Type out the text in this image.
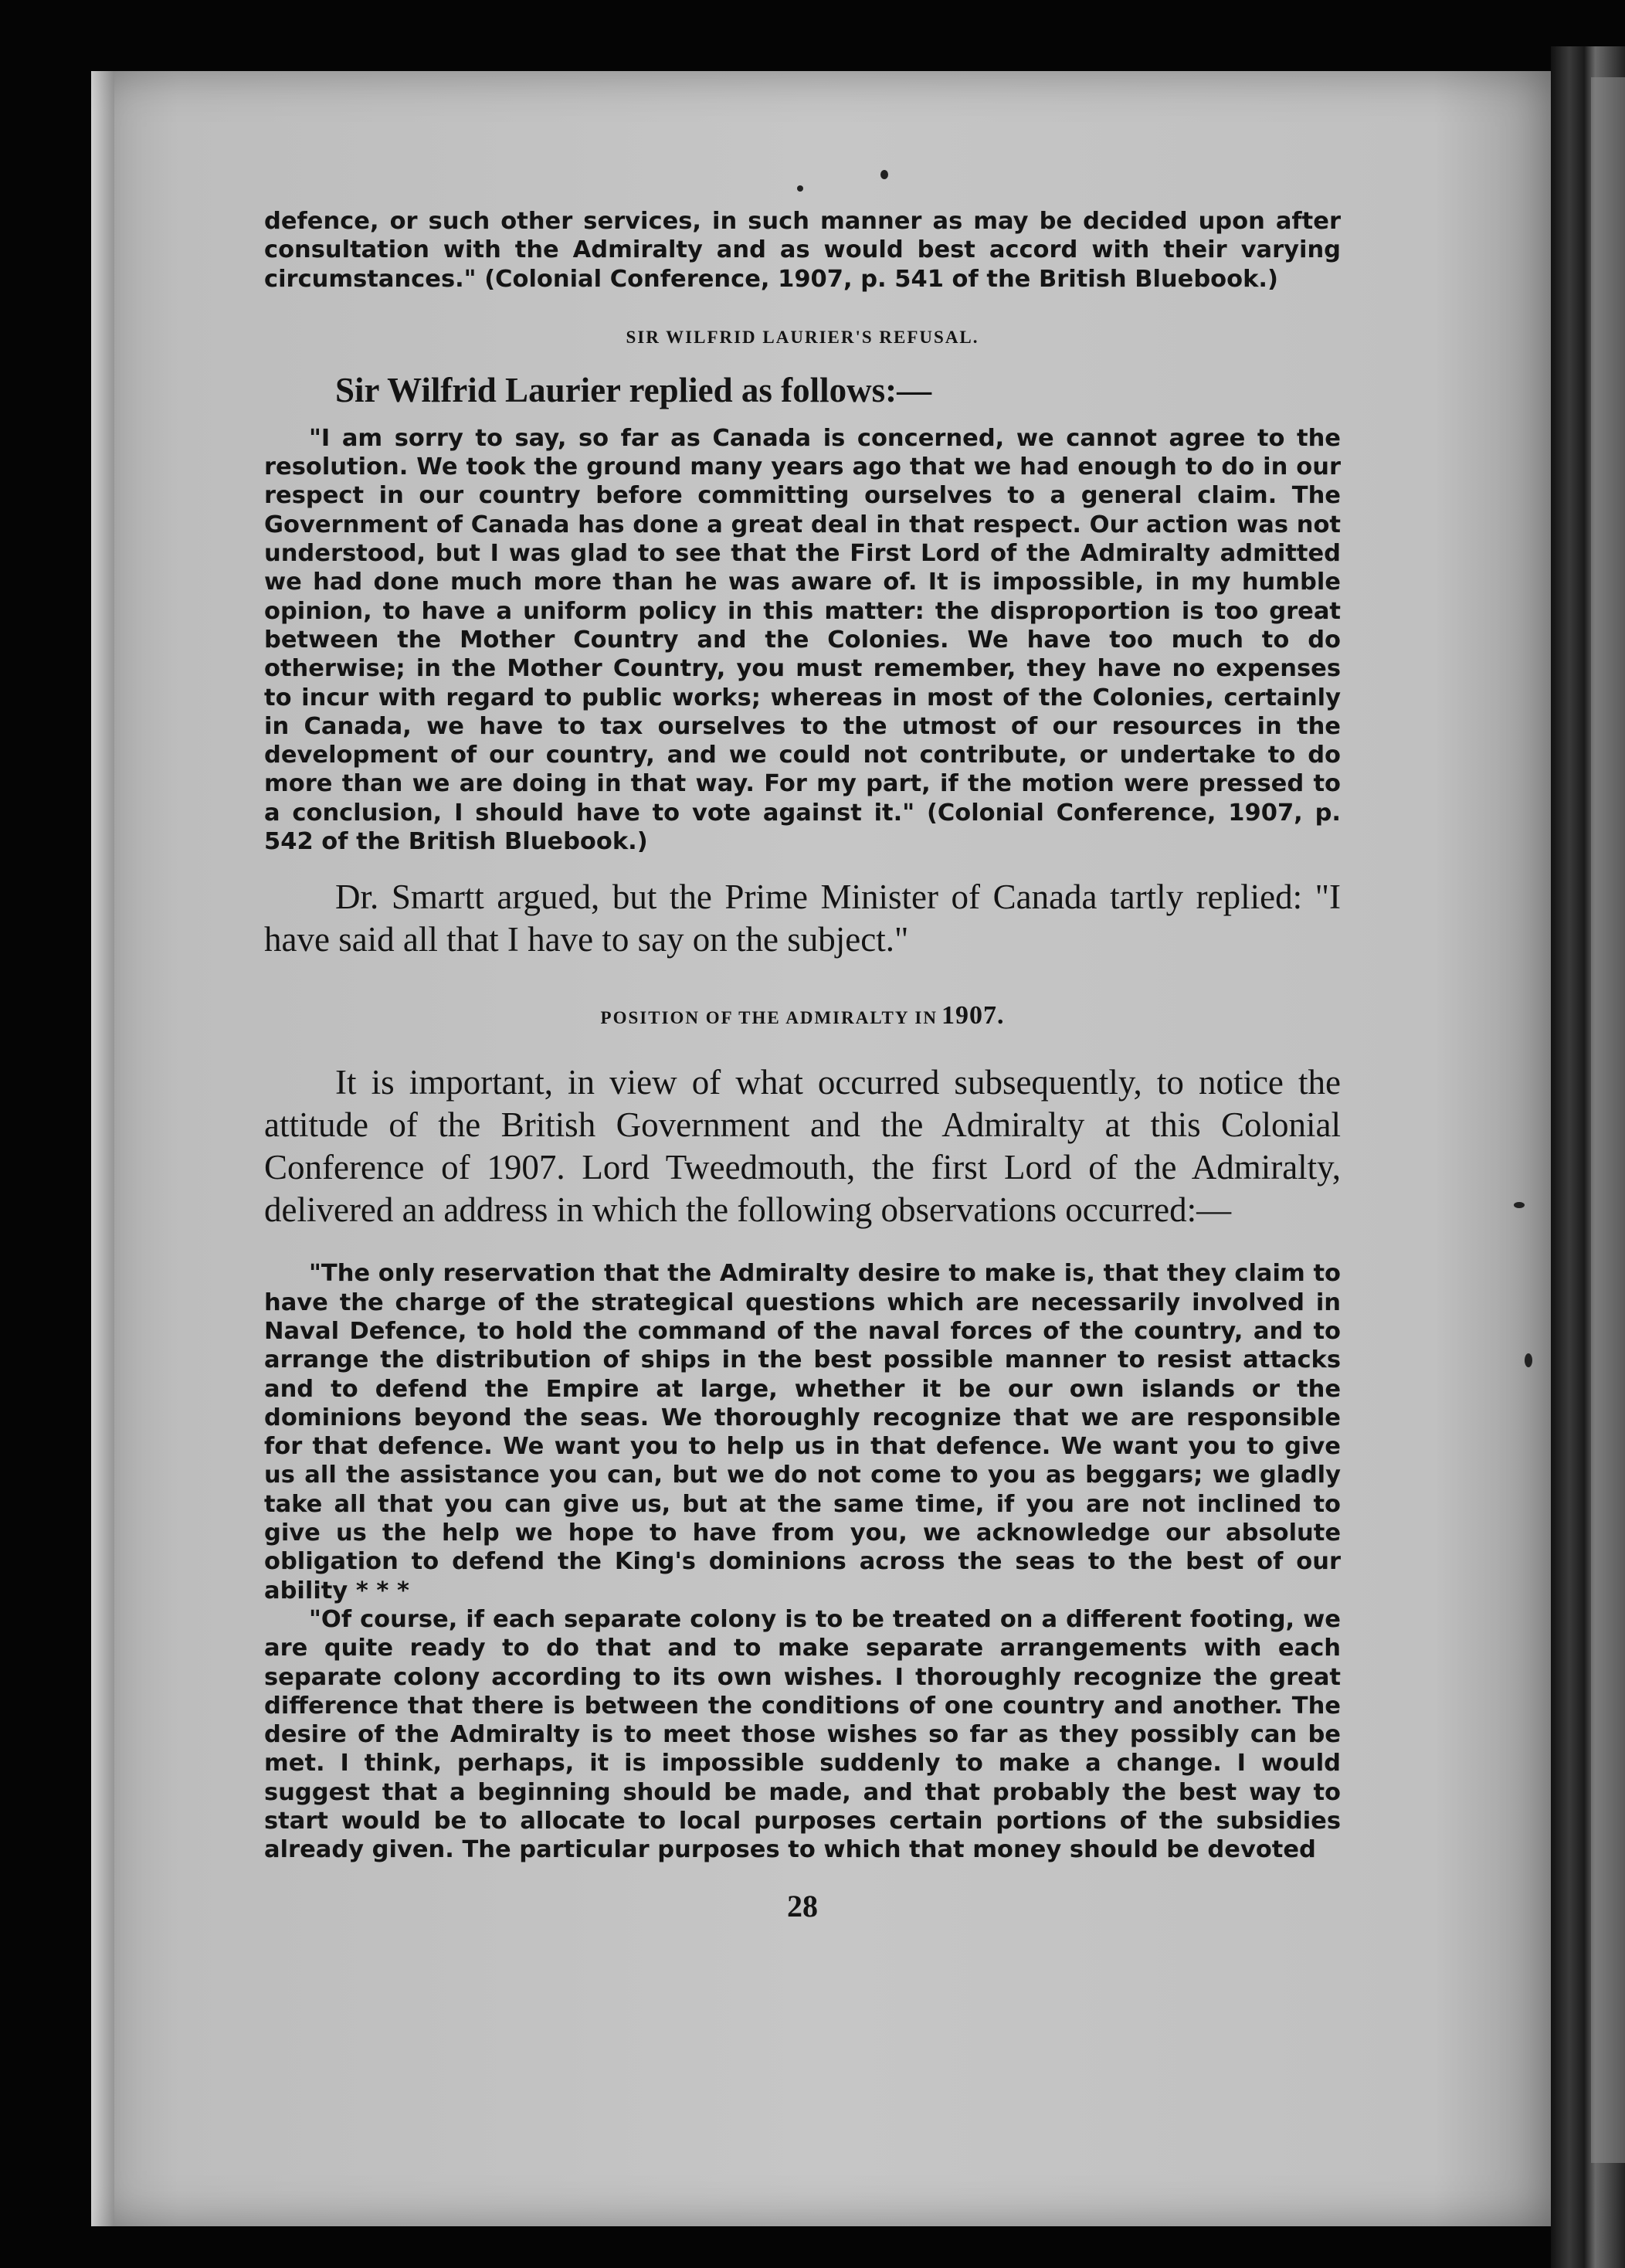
defence, or such other services, in such manner as may be decided upon after consultation with the Admiralty and as would best accord with their varying circumstances." (Colonial Conference, 1907, p. 541 of the British Bluebook.)

SIR WILFRID LAURIER'S REFUSAL.

Sir Wilfrid Laurier replied as follows:—

"I am sorry to say, so far as Canada is concerned, we cannot agree to the resolution. We took the ground many years ago that we had enough to do in our respect in our country before committing ourselves to a general claim. The Government of Canada has done a great deal in that respect. Our action was not understood, but I was glad to see that the First Lord of the Admiralty admitted we had done much more than he was aware of. It is impossible, in my humble opinion, to have a uniform policy in this matter: the disproportion is too great between the Mother Country and the Colonies. We have too much to do otherwise; in the Mother Country, you must remember, they have no expenses to incur with regard to public works; whereas in most of the Colonies, certainly in Canada, we have to tax ourselves to the utmost of our resources in the development of our country, and we could not contribute, or undertake to do more than we are doing in that way. For my part, if the motion were pressed to a conclusion, I should have to vote against it." (Colonial Conference, 1907, p. 542 of the British Bluebook.)

Dr. Smartt argued, but the Prime Minister of Canada tartly replied: "I have said all that I have to say on the subject."

POSITION OF THE ADMIRALTY IN 1907.

It is important, in view of what occurred subsequently, to notice the attitude of the British Government and the Admiralty at this Colonial Conference of 1907. Lord Tweedmouth, the first Lord of the Admiralty, delivered an address in which the following observations occurred:—

"The only reservation that the Admiralty desire to make is, that they claim to have the charge of the strategical questions which are necessarily involved in Naval Defence, to hold the command of the naval forces of the country, and to arrange the distribution of ships in the best possible manner to resist attacks and to defend the Empire at large, whether it be our own islands or the dominions beyond the seas. We thoroughly recognize that we are responsible for that defence. We want you to help us in that defence. We want you to give us all the assistance you can, but we do not come to you as beggars; we gladly take all that you can give us, but at the same time, if you are not inclined to give us the help we hope to have from you, we acknowledge our absolute obligation to defend the King's dominions across the seas to the best of our ability * * *

"Of course, if each separate colony is to be treated on a different footing, we are quite ready to do that and to make separate arrangements with each separate colony according to its own wishes. I thoroughly recognize the great difference that there is between the conditions of one country and another. The desire of the Admiralty is to meet those wishes so far as they possibly can be met. I think, perhaps, it is impossible suddenly to make a change. I would suggest that a beginning should be made, and that probably the best way to start would be to allocate to local purposes certain portions of the subsidies already given. The particular purposes to which that money should be devoted

28
